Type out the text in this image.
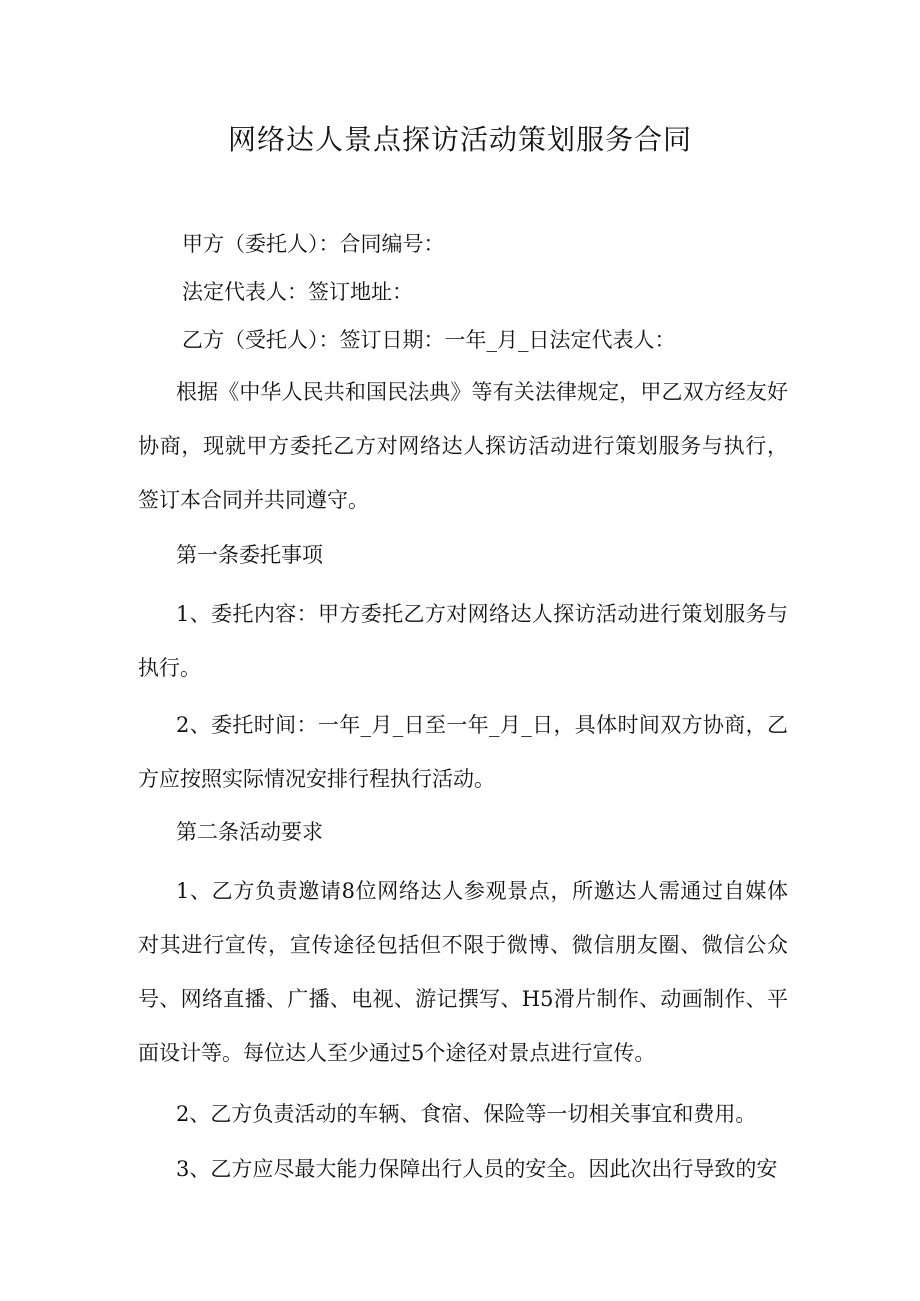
网络达人景点探访活动策划服务合同
甲方（委托人）：合同编号：
法定代表人：签订地址：
乙方（受托人）：签订日期：一年_月_日法定代表人：

根据《中华人民共和国民法典》等有关法律规定，甲乙双方经友好协商，现就甲方委托乙方对网络达人探访活动进行策划服务与执行，签订本合同并共同遵守。

第一条委托事项

1、委托内容：甲方委托乙方对网络达人探访活动进行策划服务与执行。

2、委托时间：一年_月_日至一年_月_日，具体时间双方协商，乙方应按照实际情况安排行程执行活动。

第二条活动要求

1、乙方负责邀请8位网络达人参观景点，所邀达人需通过自媒体对其进行宣传，宣传途径包括但不限于微博、微信朋友圈、微信公众号、网络直播、广播、电视、游记撰写、H5滑片制作、动画制作、平面设计等。每位达人至少通过5个途径对景点进行宣传。

2、乙方负责活动的车辆、食宿、保险等一切相关事宜和费用。

3、乙方应尽最大能力保障出行人员的安全。因此次出行导致的安
